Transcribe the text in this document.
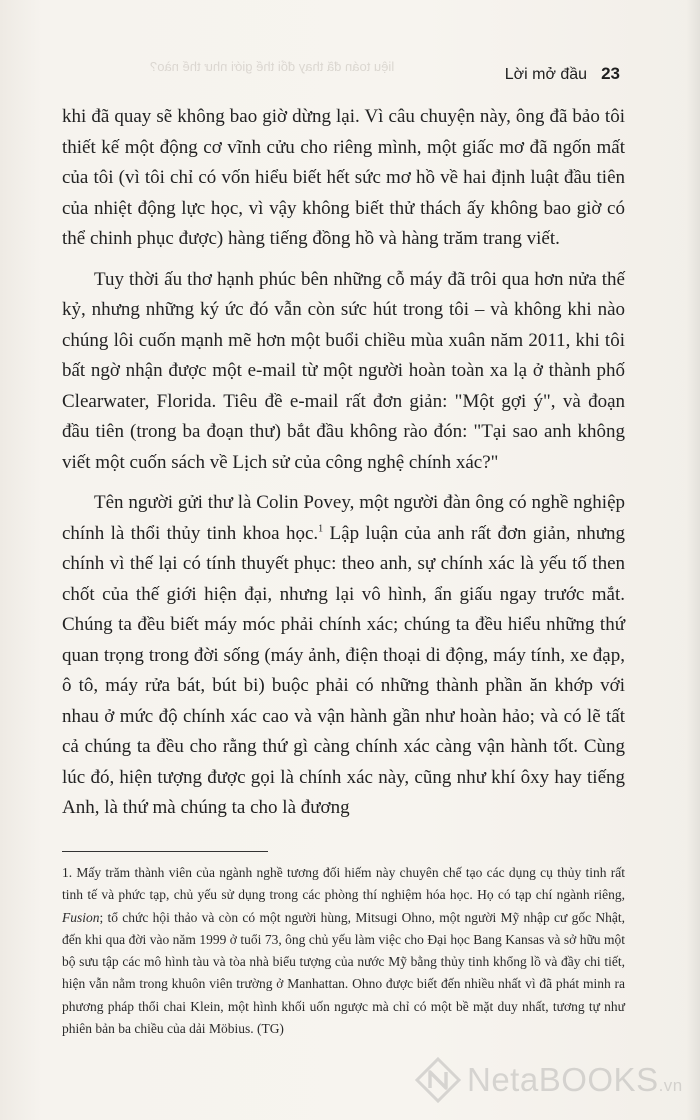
liệu toán đã thay đổi thế giới như thế nào?	Lời mở đầu 23

khi đã quay sẽ không bao giờ dừng lại. Vì câu chuyện này, ông đã bảo tôi thiết kế một động cơ vĩnh cửu cho riêng mình, một giấc mơ đã ngốn mất của tôi (vì tôi chỉ có vốn hiểu biết hết sức mơ hồ về hai định luật đầu tiên của nhiệt động lực học, vì vậy không biết thử thách ấy không bao giờ có thể chinh phục được) hàng tiếng đồng hồ và hàng trăm trang viết.

Tuy thời ấu thơ hạnh phúc bên những cỗ máy đã trôi qua hơn nửa thế kỷ, nhưng những ký ức đó vẫn còn sức hút trong tôi – và không khi nào chúng lôi cuốn mạnh mẽ hơn một buổi chiều mùa xuân năm 2011, khi tôi bất ngờ nhận được một e-mail từ một người hoàn toàn xa lạ ở thành phố Clearwater, Florida. Tiêu đề e-mail rất đơn giản: "Một gợi ý", và đoạn đầu tiên (trong ba đoạn thư) bắt đầu không rào đón: "Tại sao anh không viết một cuốn sách về Lịch sử của công nghệ chính xác?"

Tên người gửi thư là Colin Povey, một người đàn ông có nghề nghiệp chính là thổi thủy tinh khoa học.$^1$ Lập luận của anh rất đơn giản, nhưng chính vì thế lại có tính thuyết phục: theo anh, sự chính xác là yếu tố then chốt của thế giới hiện đại, nhưng lại vô hình, ẩn giấu ngay trước mắt. Chúng ta đều biết máy móc phải chính xác; chúng ta đều hiểu những thứ quan trọng trong đời sống (máy ảnh, điện thoại di động, máy tính, xe đạp, ô tô, máy rửa bát, bút bi) buộc phải có những thành phần ăn khớp với nhau ở mức độ chính xác cao và vận hành gần như hoàn hảo; và có lẽ tất cả chúng ta đều cho rằng thứ gì càng chính xác càng vận hành tốt. Cùng lúc đó, hiện tượng được gọi là chính xác này, cũng như khí ôxy hay tiếng Anh, là thứ mà chúng ta cho là đương

1. Mấy trăm thành viên của ngành nghề tương đối hiếm này chuyên chế tạo các dụng cụ thủy tinh rất tinh tế và phức tạp, chủ yếu sử dụng trong các phòng thí nghiệm hóa học. Họ có tạp chí ngành riêng, Fusion; tổ chức hội thảo và còn có một người hùng, Mitsugi Ohno, một người Mỹ nhập cư gốc Nhật, đến khi qua đời vào năm 1999 ở tuổi 73, ông chủ yếu làm việc cho Đại học Bang Kansas và sở hữu một bộ sưu tập các mô hình tàu và tòa nhà biểu tượng của nước Mỹ bằng thủy tinh khổng lồ và đầy chi tiết, hiện vẫn nằm trong khuôn viên trường ở Manhattan. Ohno được biết đến nhiều nhất vì đã phát minh ra phương pháp thổi chai Klein, một hình khối uốn ngược mà chỉ có một bề mặt duy nhất, tương tự như phiên bản ba chiều của dải Möbius. (TG)
NetaBOOKS.vn
